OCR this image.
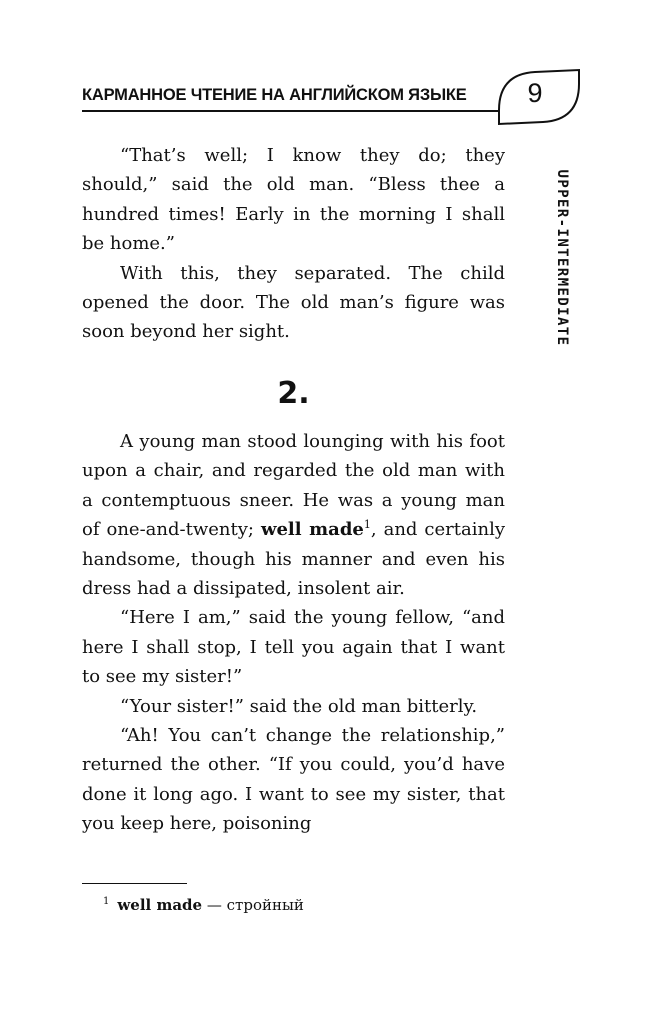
КАРМАННОЕ ЧТЕНИЕ НА АНГЛИЙСКОМ ЯЗЫКЕ	9
UPPER-INTERMEDIATE

“That’s well; I know they do; they should,” said the old man. “Bless thee a hundred times! Early in the morning I shall be home.”

With this, they separated. The child opened the door. The old man’s figure was soon beyond her sight.

2.

A young man stood lounging with his foot upon a chair, and regarded the old man with a contemptuous sneer. He was a young man of one-and-twenty; well made$^1$, and certainly handsome, though his manner and even his dress had a dissipated, insolent air.

“Here I am,” said the young fellow, “and here I shall stop, I tell you again that I want to see my sister!”

“Your sister!” said the old man bitterly.

“Ah! You can’t change the relationship,” returned the other. “If you could, you’d have done it long ago. I want to see my sister, that you keep here, poisoning

$^1$ well made — стройный
